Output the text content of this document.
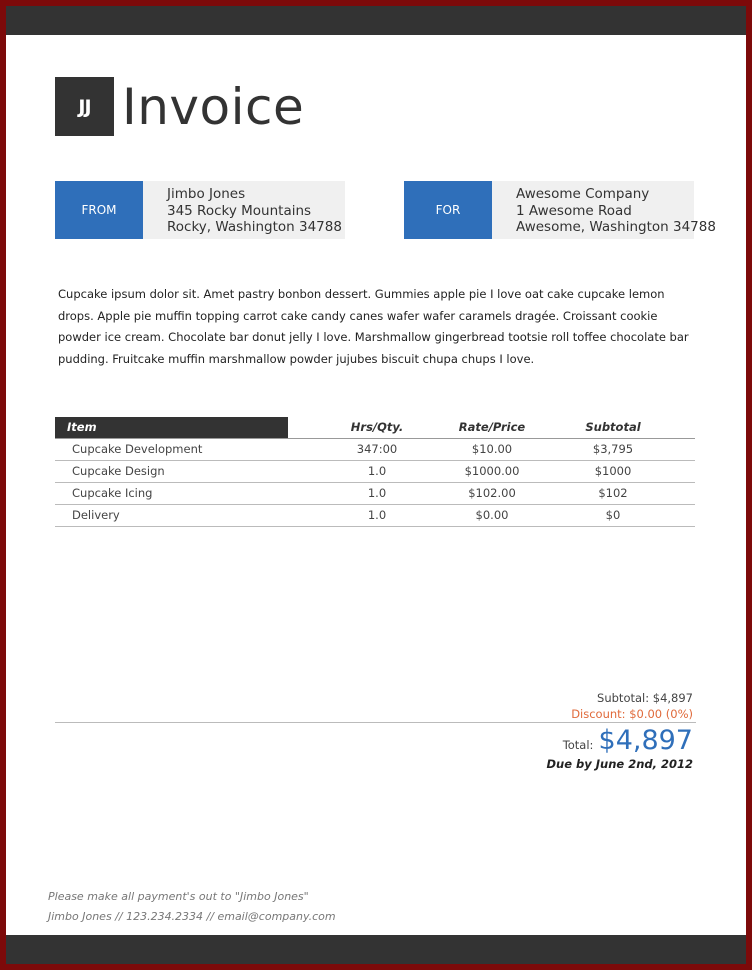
JJ Invoice
FROM
Jimbo Jones
345 Rocky Mountains
Rocky, Washington 34788
FOR
Awesome Company
1 Awesome Road
Awesome, Washington 34788
Cupcake ipsum dolor sit. Amet pastry bonbon dessert. Gummies apple pie I love oat cake cupcake lemon drops. Apple pie muffin topping carrot cake candy canes wafer wafer caramels dragée. Croissant cookie powder ice cream. Chocolate bar donut jelly I love. Marshmallow gingerbread tootsie roll toffee chocolate bar pudding. Fruitcake muffin marshmallow powder jujubes biscuit chupa chups I love.
Item	Hrs/Qty.	Rate/Price	Subtotal
Cupcake Development	347:00	$10.00	$3,795
Cupcake Design	1.0	$1000.00	$1000
Cupcake Icing	1.0	$102.00	$102
Delivery	1.0	$0.00	$0
Subtotal: $4,897
Discount: $0.00 (0%)
Total: $4,897
Due by June 2nd, 2012
Please make all payment's out to "Jimbo Jones"
Jimbo Jones // 123.234.2334 // email@company.com
